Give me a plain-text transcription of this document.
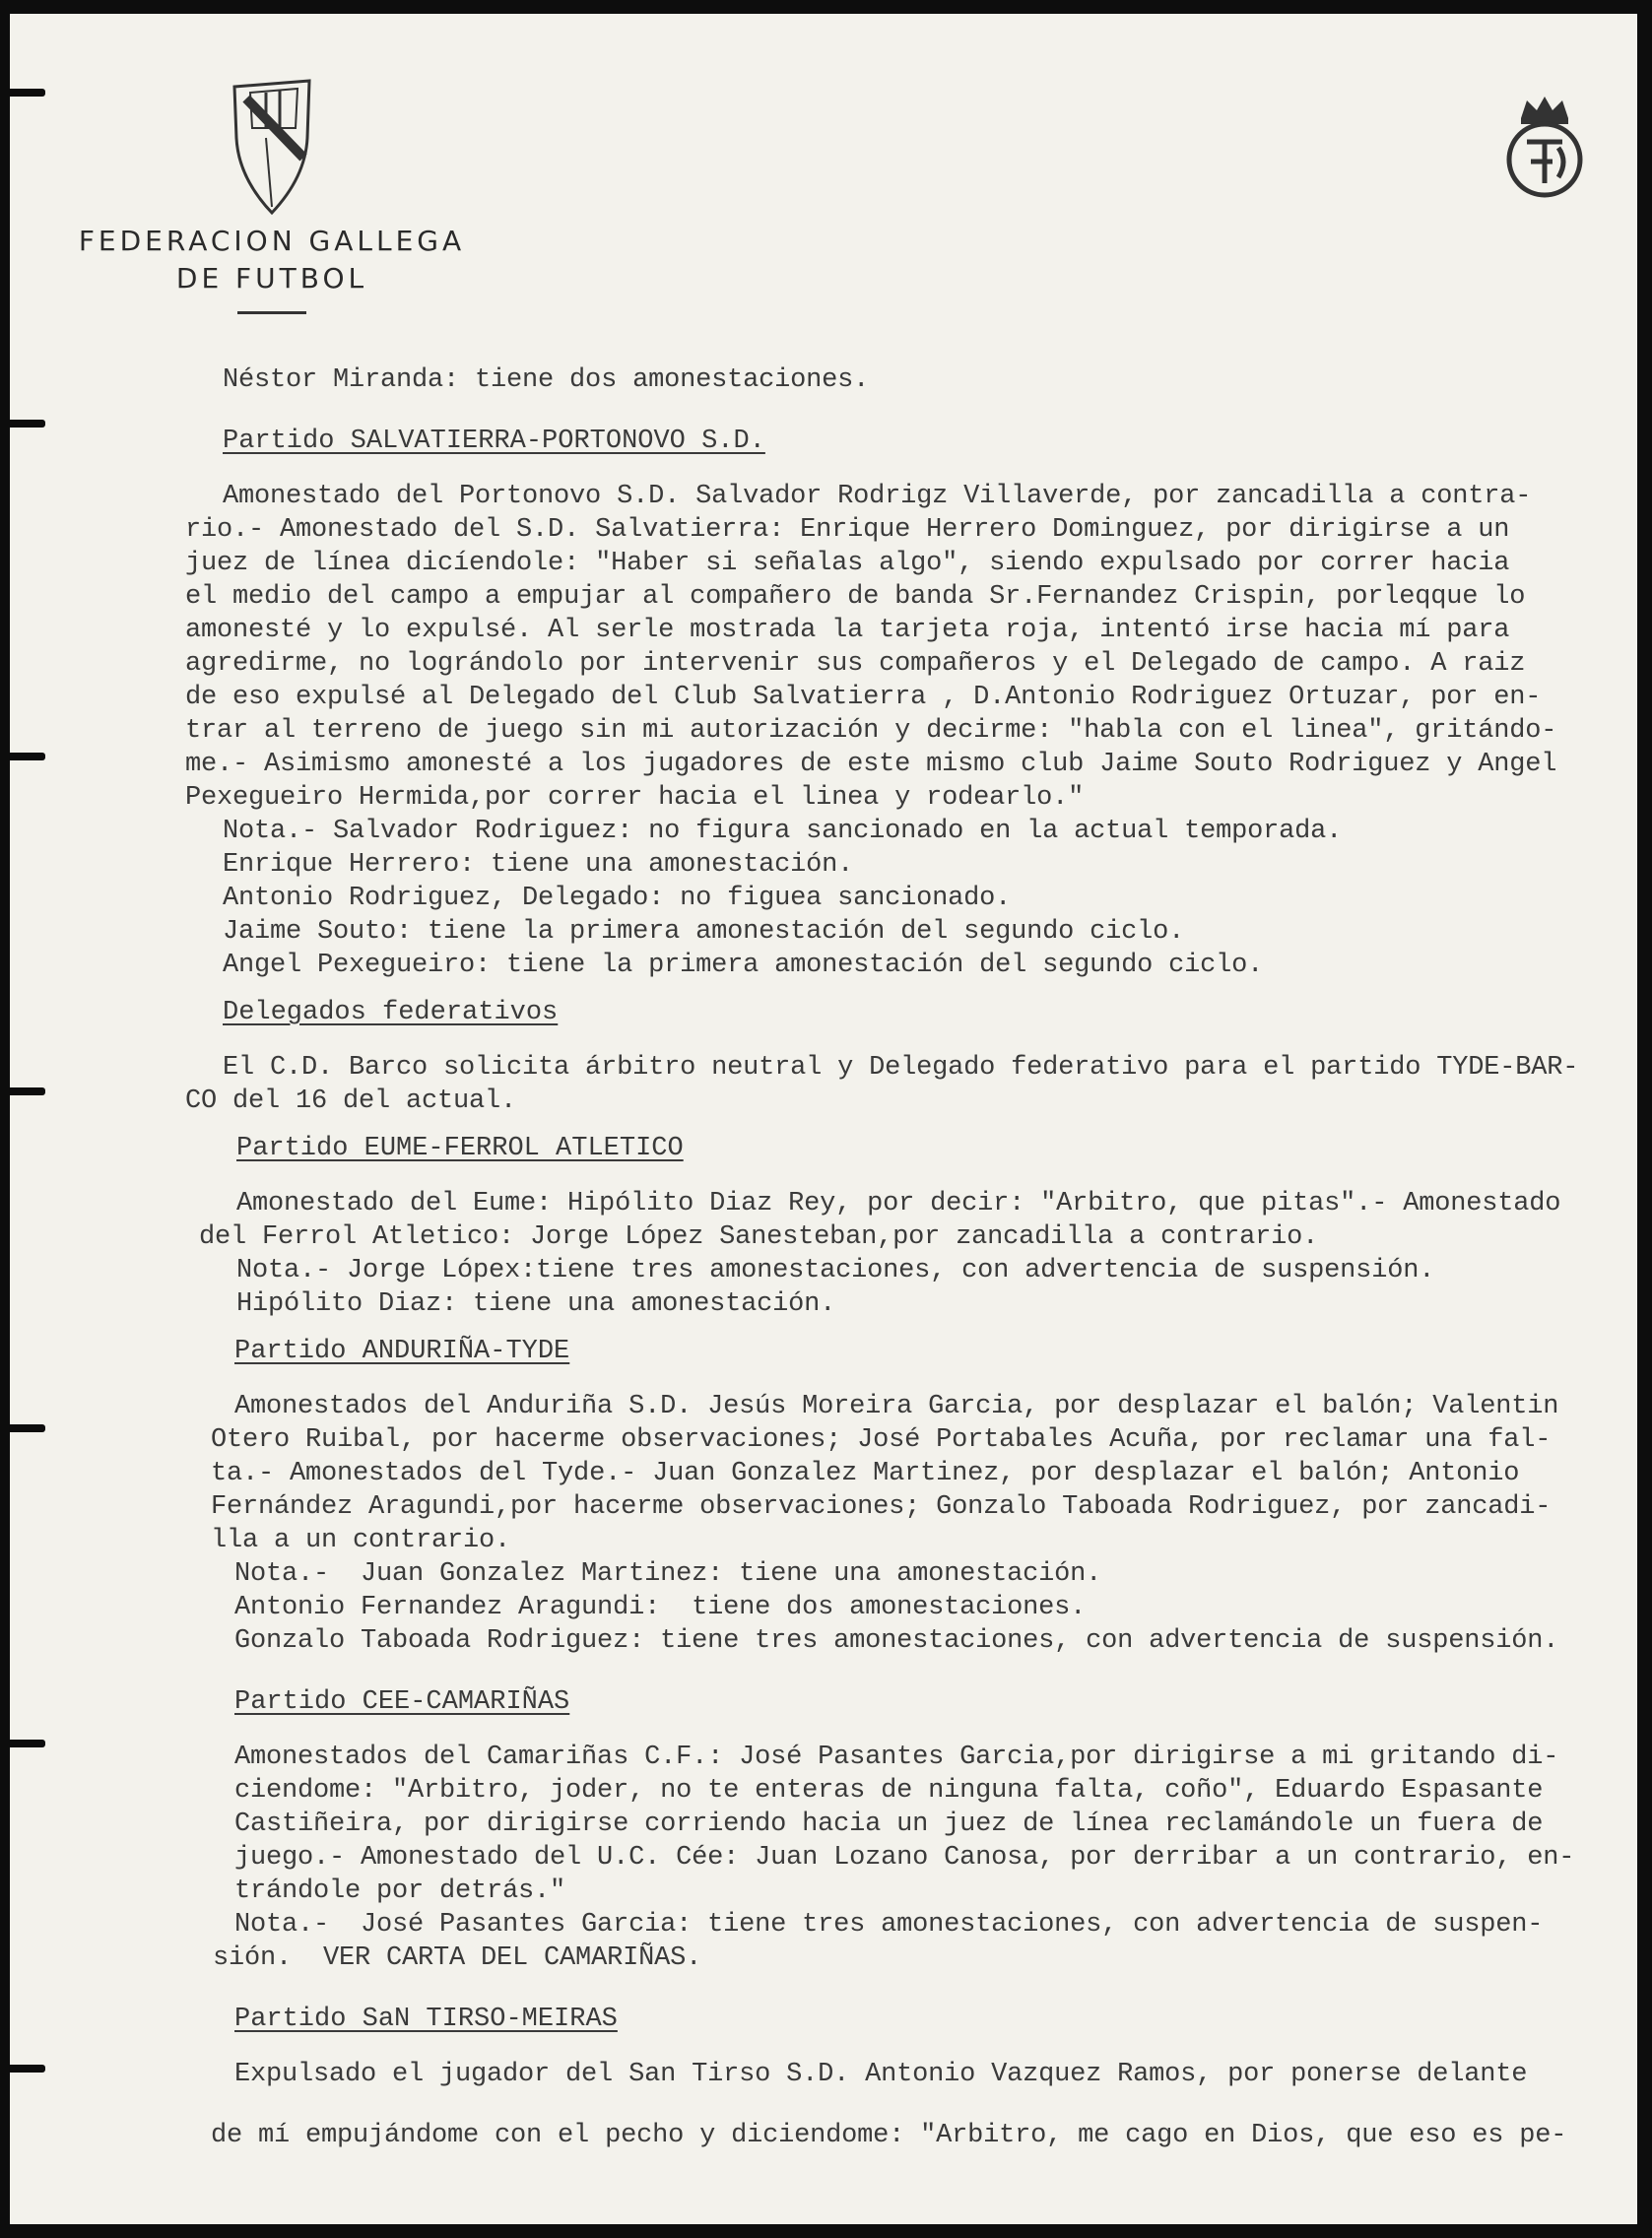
FEDERACION GALLEGA
DE FUTBOL
Néstor Miranda: tiene dos amonestaciones.
Partido SALVATIERRA-PORTONOVO S.D.
Amonestado del Portonovo S.D. Salvador Rodrigz Villaverde, por zancadilla a contra-
rio.- Amonestado del S.D. Salvatierra: Enrique Herrero Dominguez, por dirigirse a un
juez de línea dicíendole: "Haber si señalas algo", siendo expulsado por correr hacia
el medio del campo a empujar al compañero de banda Sr.Fernandez Crispin, porleqque lo
amonesté y lo expulsé. Al serle mostrada la tarjeta roja, intentó irse hacia mí para
agredirme, no lográndolo por intervenir sus compañeros y el Delegado de campo. A raiz
de eso expulsé al Delegado del Club Salvatierra , D.Antonio Rodriguez Ortuzar, por en-
trar al terreno de juego sin mi autorización y decirme: "habla con el linea", gritándo-
me.- Asimismo amonesté a los jugadores de este mismo club Jaime Souto Rodriguez y Angel
Pexegueiro Hermida,por correr hacia el linea y rodearlo."
Nota.- Salvador Rodriguez: no figura sancionado en la actual temporada.
Enrique Herrero: tiene una amonestación.
Antonio Rodriguez, Delegado: no figuea sancionado.
Jaime Souto: tiene la primera amonestación del segundo ciclo.
Angel Pexegueiro: tiene la primera amonestación del segundo ciclo.
Delegados federativos
El C.D. Barco solicita árbitro neutral y Delegado federativo para el partido TYDE-BAR-
CO del 16 del actual.
Partido EUME-FERROL ATLETICO
Amonestado del Eume: Hipólito Diaz Rey, por decir: "Arbitro, que pitas".- Amonestado
del Ferrol Atletico: Jorge López Sanesteban,por zancadilla a contrario.
Nota.- Jorge Lópex:tiene tres amonestaciones, con advertencia de suspensión.
Hipólito Diaz: tiene una amonestación.
Partido ANDURIÑA-TYDE
Amonestados del Anduriña S.D. Jesús Moreira Garcia, por desplazar el balón; Valentin
Otero Ruibal, por hacerme observaciones; José Portabales Acuña, por reclamar una fal-
ta.- Amonestados del Tyde.- Juan Gonzalez Martinez, por desplazar el balón; Antonio
Fernández Aragundi,por hacerme observaciones; Gonzalo Taboada Rodriguez, por zancadi-
lla a un contrario.
Nota.-  Juan Gonzalez Martinez: tiene una amonestación.
Antonio Fernandez Aragundi:  tiene dos amonestaciones.
Gonzalo Taboada Rodriguez: tiene tres amonestaciones, con advertencia de suspensión.
Partido CEE-CAMARIÑAS
Amonestados del Camariñas C.F.: José Pasantes Garcia,por dirigirse a mi gritando di-
ciendome: "Arbitro, joder, no te enteras de ninguna falta, coño", Eduardo Espasante
Castiñeira, por dirigirse corriendo hacia un juez de línea reclamándole un fuera de
juego.- Amonestado del U.C. Cée: Juan Lozano Canosa, por derribar a un contrario, en-
trándole por detrás."
Nota.-  José Pasantes Garcia: tiene tres amonestaciones, con advertencia de suspen-
sión.  VER CARTA DEL CAMARIÑAS.
Partido SaN TIRSO-MEIRAS
Expulsado el jugador del San Tirso S.D. Antonio Vazquez Ramos, por ponerse delante
de mí empujándome con el pecho y diciendome: "Arbitro, me cago en Dios, que eso es pe-
